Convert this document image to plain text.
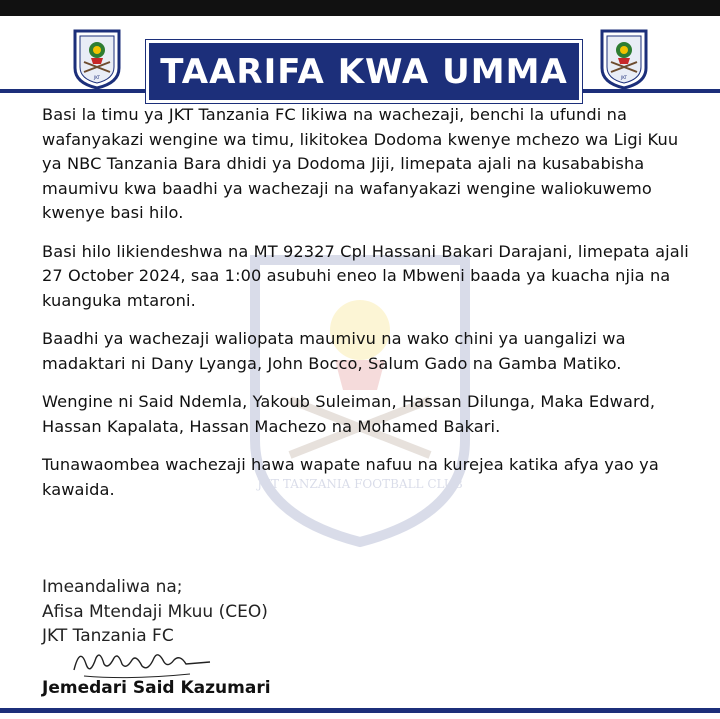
JKT	JKT
TAARIFA KWA UMMA
JKT TANZANIA FOOTBALL CLUB

Basi la timu ya JKT Tanzania FC likiwa na wachezaji, benchi la ufundi na wafanyakazi wengine wa timu, likitokea Dodoma kwenye mchezo wa Ligi Kuu ya NBC Tanzania Bara dhidi ya Dodoma Jiji, limepata ajali na kusababisha maumivu kwa baadhi ya wachezaji na wafanyakazi wengine waliokuwemo kwenye basi hilo.

Basi hilo likiendeshwa na MT 92327 Cpl Hassani Bakari Darajani, limepata ajali 27 October 2024, saa 1:00 asubuhi eneo la Mbweni baada ya kuacha njia na kuanguka mtaroni.

Baadhi ya wachezaji waliopata maumivu na wako chini ya uangalizi wa madaktari ni Dany Lyanga, John Bocco, Salum Gado na Gamba Matiko.

Wengine ni Said Ndemla, Yakoub Suleiman, Hassan Dilunga, Maka Edward, Hassan Kapalata, Hassan Machezo na Mohamed Bakari.

Tunawaombea wachezaji hawa wapate nafuu na kurejea katika afya yao ya kawaida.

Imeandaliwa na;
Afisa Mtendaji Mkuu (CEO)
JKT Tanzania FC
Jemedari Said Kazumari
